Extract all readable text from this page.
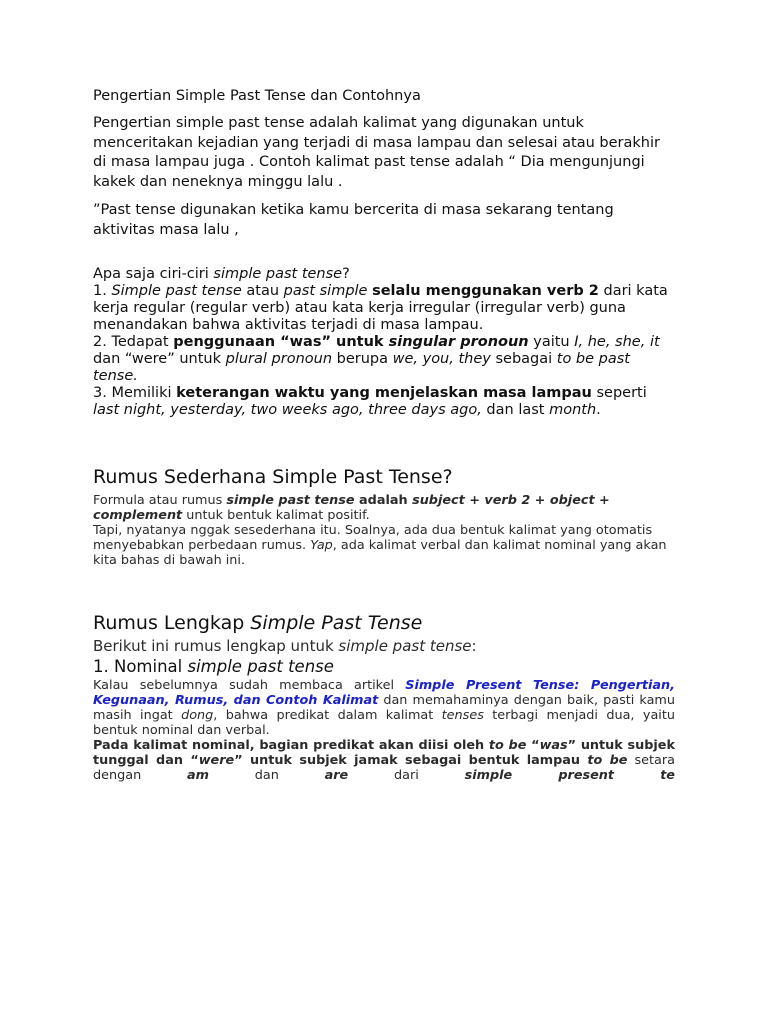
Pengertian Simple Past Tense dan Contohnya

Pengertian simple past tense adalah kalimat yang digunakan untuk menceritakan kejadian yang terjadi di masa lampau dan selesai atau berakhir di masa lampau juga . Contoh kalimat past tense adalah “ Dia mengunjungi kakek dan neneknya minggu lalu .

”Past tense digunakan ketika kamu bercerita di masa sekarang tentang aktivitas masa lalu ,

Apa saja ciri-ciri simple past tense?

1. Simple past tense atau past simple selalu menggunakan verb 2 dari kata kerja regular (regular verb) atau kata kerja irregular (irregular verb) guna menandakan bahwa aktivitas terjadi di masa lampau.

2. Tedapat penggunaan “was” untuk singular pronoun yaitu I, he, she, it dan “were” untuk plural pronoun berupa we, you, they sebagai to be past tense.

3. Memiliki keterangan waktu yang menjelaskan masa lampau seperti last night, yesterday, two weeks ago, three days ago, dan last month.

Rumus Sederhana Simple Past Tense?

Formula atau rumus simple past tense adalah subject + verb 2 + object + complement untuk bentuk kalimat positif.

Tapi, nyatanya nggak sesederhana itu. Soalnya, ada dua bentuk kalimat yang otomatis menyebabkan perbedaan rumus. Yap, ada kalimat verbal dan kalimat nominal yang akan kita bahas di bawah ini.

Rumus Lengkap Simple Past Tense

Berikut ini rumus lengkap untuk simple past tense:

1. Nominal simple past tense

Kalau sebelumnya sudah membaca artikel Simple Present Tense: Pengertian, Kegunaan, Rumus, dan Contoh Kalimat dan memahaminya dengan baik, pasti kamu masih ingat dong, bahwa predikat dalam kalimat tenses terbagi menjadi dua, yaitu bentuk nominal dan verbal.

Pada kalimat nominal, bagian predikat akan diisi oleh to be “was” untuk subjek tunggal dan “were” untuk subjek jamak sebagai bentuk lampau to be setara dengan am dan are dari simple present te
